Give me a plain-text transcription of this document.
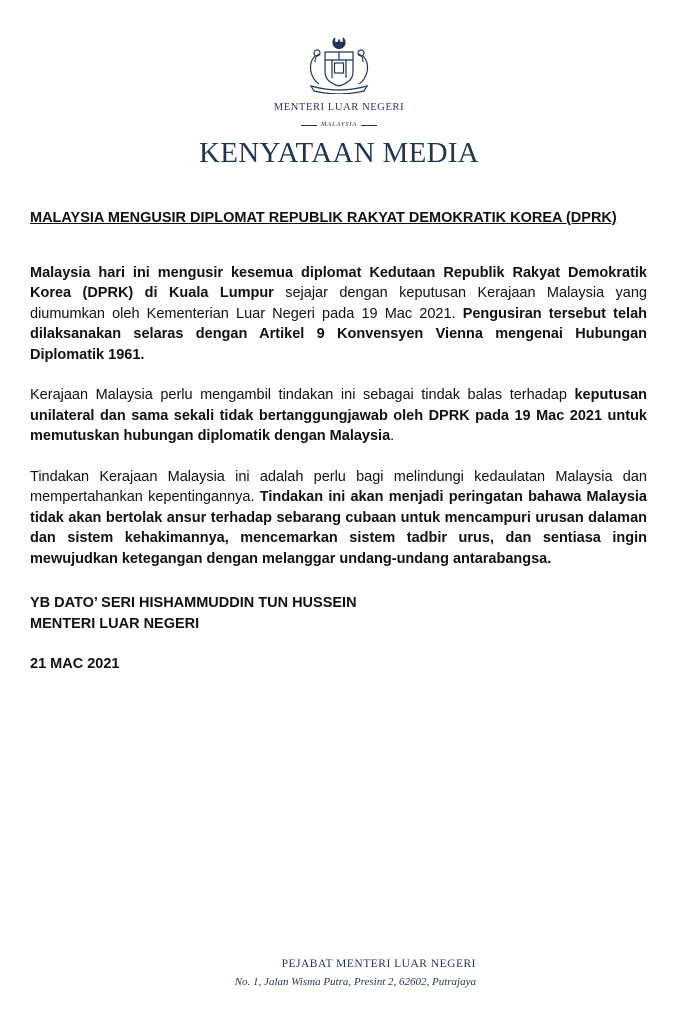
MENTERI LUAR NEGERI
MALAYSIA
KENYATAAN MEDIA
MALAYSIA MENGUSIR DIPLOMAT REPUBLIK RAKYAT DEMOKRATIK KOREA (DPRK)

Malaysia hari ini mengusir kesemua diplomat Kedutaan Republik Rakyat Demokratik Korea (DPRK) di Kuala Lumpur sejajar dengan keputusan Kerajaan Malaysia yang diumumkan oleh Kementerian Luar Negeri pada 19 Mac 2021. Pengusiran tersebut telah dilaksanakan selaras dengan Artikel 9 Konvensyen Vienna mengenai Hubungan Diplomatik 1961.

Kerajaan Malaysia perlu mengambil tindakan ini sebagai tindak balas terhadap keputusan unilateral dan sama sekali tidak bertanggungjawab oleh DPRK pada 19 Mac 2021 untuk memutuskan hubungan diplomatik dengan Malaysia.

Tindakan Kerajaan Malaysia ini adalah perlu bagi melindungi kedaulatan Malaysia dan mempertahankan kepentingannya. Tindakan ini akan menjadi peringatan bahawa Malaysia tidak akan bertolak ansur terhadap sebarang cubaan untuk mencampuri urusan dalaman dan sistem kehakimannya, mencemarkan sistem tadbir urus, dan sentiasa ingin mewujudkan ketegangan dengan melanggar undang-undang antarabangsa.

YB DATO’ SERI HISHAMMUDDIN TUN HUSSEIN
MENTERI LUAR NEGERI
21 MAC 2021
PEJABAT MENTERI LUAR NEGERI
No. 1, Jalan Wisma Putra, Presint 2, 62602, Putrajaya
